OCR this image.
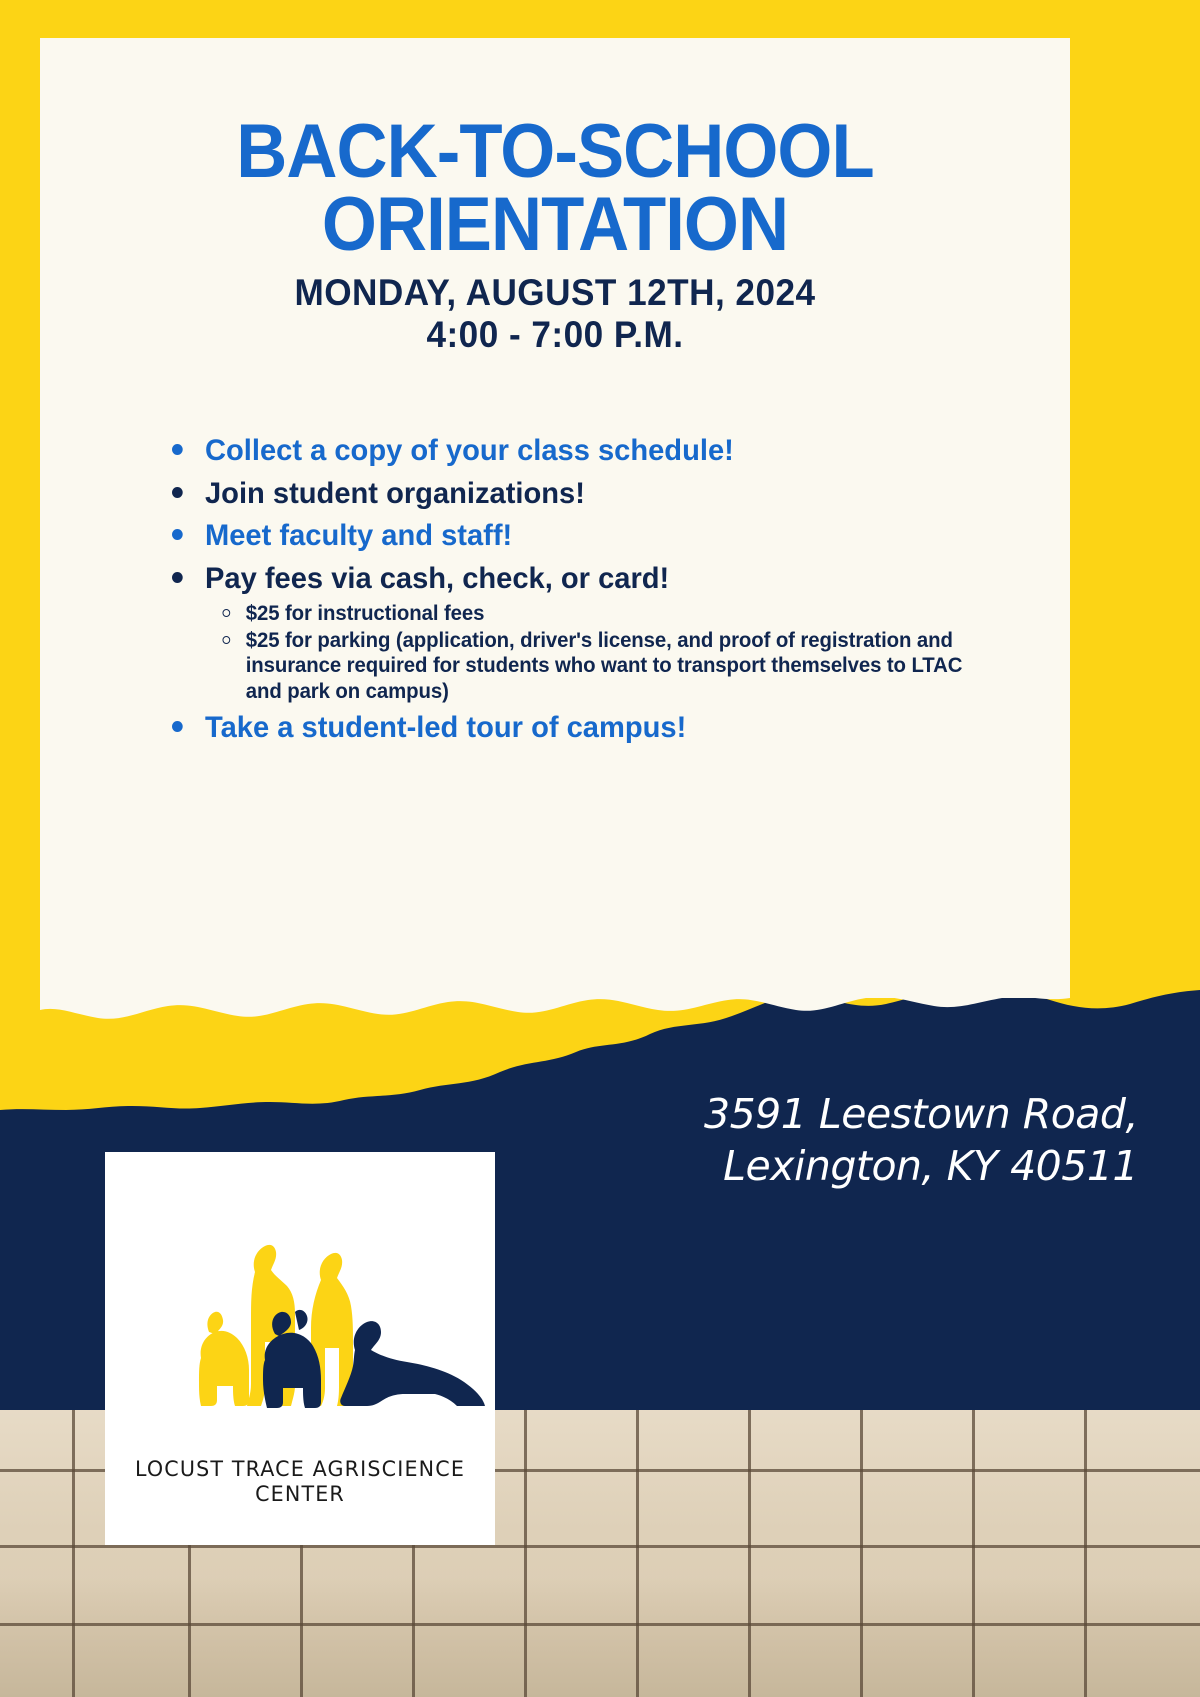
BACK-TO-SCHOOL
ORIENTATION

MONDAY, AUGUST 12TH, 2024
4:00 - 7:00 P.M.

Collect a copy of your class schedule!
Join student organizations!
Meet faculty and staff!
Pay fees via cash, check, or card!
$25 for instructional fees
$25 for parking (application, driver's license, and proof of registration and insurance required for students who want to transport themselves to LTAC and park on campus)
Take a student-led tour of campus!
3591 Leestown Road,
Lexington, KY 40511
LOCUST TRACE AGRISCIENCE CENTER
